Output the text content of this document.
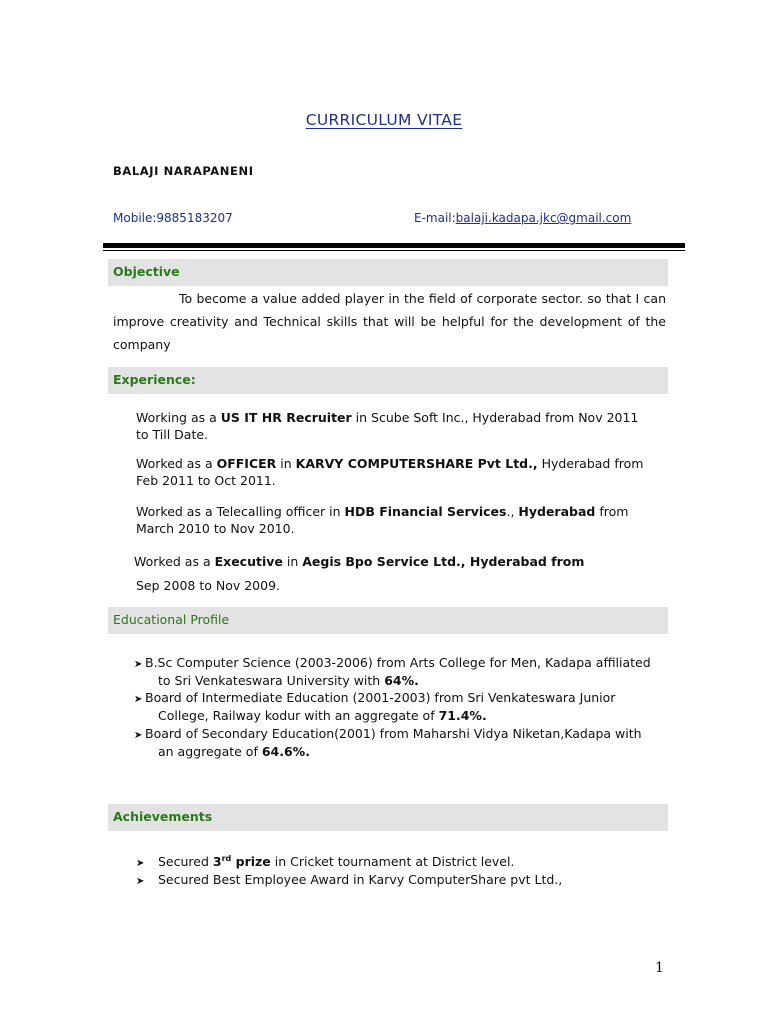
CURRICULUM VITAE
BALAJI NARAPANENI
Mobile:9885183207	E-mail:balaji.kadapa.jkc@gmail.com
Objective
To become a value added player in the field of corporate sector. so that I can improve creativity and Technical skills that will be helpful for the development of the company
Experience:
Working as a US IT HR Recruiter in Scube Soft Inc., Hyderabad from Nov 2011
to Till Date.
Worked as a OFFICER in KARVY COMPUTERSHARE Pvt Ltd., Hyderabad from
Feb 2011 to Oct 2011.
Worked as a Telecalling officer in HDB Financial Services., Hyderabad from
March 2010 to Nov 2010.
Worked as a Executive in Aegis Bpo Service Ltd., Hyderabad from
Sep 2008 to Nov 2009.
Educational Profile
➤ B.Sc Computer Science (2003-2006) from Arts College for Men, Kadapa affiliated
to Sri Venkateswara University with 64%.
➤ Board of Intermediate Education (2001-2003) from Sri Venkateswara Junior
College, Railway kodur with an aggregate of 71.4%.
➤ Board of Secondary Education(2001) from Maharshi Vidya Niketan,Kadapa with
an aggregate of 64.6%.
Achievements
➤ Secured 3rd prize in Cricket tournament at District level.
➤ Secured Best Employee Award in Karvy ComputerShare pvt Ltd.,
1
